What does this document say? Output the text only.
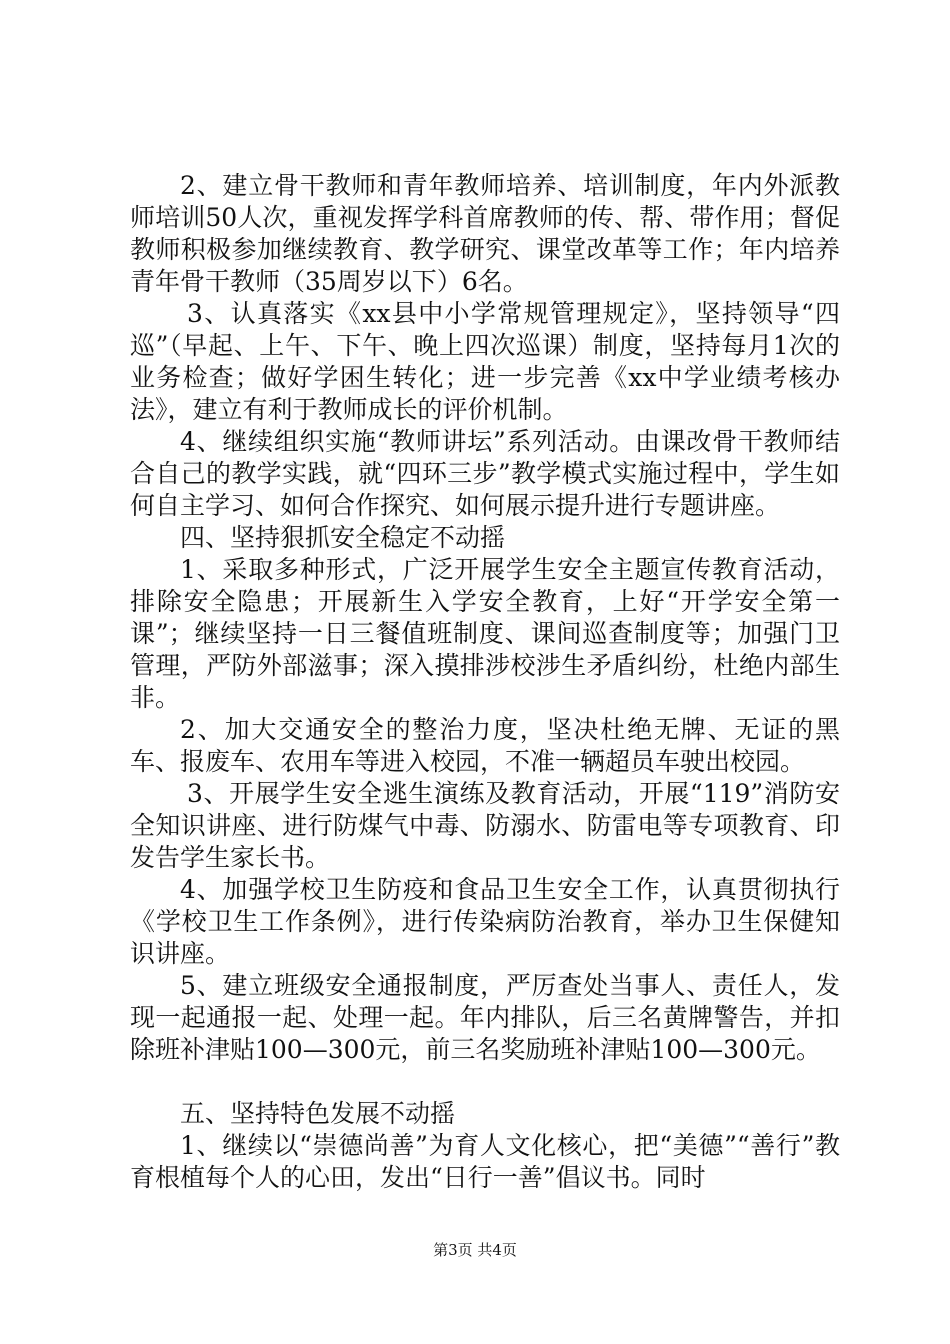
2、建立骨干教师和青年教师培养、培训制度，年内外派教师培训50人次，重视发挥学科首席教师的传、帮、带作用；督促教师积极参加继续教育、教学研究、课堂改革等工作；年内培养青年骨干教师（35周岁以下）6名。

3、认真落实《xx县中小学常规管理规定》，坚持领导“四巡”（早起、上午、下午、晚上四次巡课）制度，坚持每月1次的业务检查；做好学困生转化；进一步完善《xx中学业绩考核办法》，建立有利于教师成长的评价机制。

4、继续组织实施“教师讲坛”系列活动。由课改骨干教师结合自己的教学实践，就“四环三步”教学模式实施过程中，学生如何自主学习、如何合作探究、如何展示提升进行专题讲座。

四、坚持狠抓安全稳定不动摇

1、采取多种形式，广泛开展学生安全主题宣传教育活动，排除安全隐患；开展新生入学安全教育，上好“开学安全第一课”；继续坚持一日三餐值班制度、课间巡查制度等；加强门卫管理，严防外部滋事；深入摸排涉校涉生矛盾纠纷，杜绝内部生非。

2、加大交通安全的整治力度，坚决杜绝无牌、无证的黑车、报废车、农用车等进入校园，不准一辆超员车驶出校园。

3、开展学生安全逃生演练及教育活动，开展“119”消防安全知识讲座、进行防煤气中毒、防溺水、防雷电等专项教育、印发告学生家长书。

4、加强学校卫生防疫和食品卫生安全工作，认真贯彻执行《学校卫生工作条例》，进行传染病防治教育，举办卫生保健知识讲座。

5、建立班级安全通报制度，严厉查处当事人、责任人，发现一起通报一起、处理一起。年内排队，后三名黄牌警告，并扣除班补津贴100—300元，前三名奖励班补津贴100—300元。

五、坚持特色发展不动摇

1、继续以“崇德尚善”为育人文化核心，把“美德”“善行”教育根植每个人的心田，发出“日行一善”倡议书。同时

第3页 共4页
